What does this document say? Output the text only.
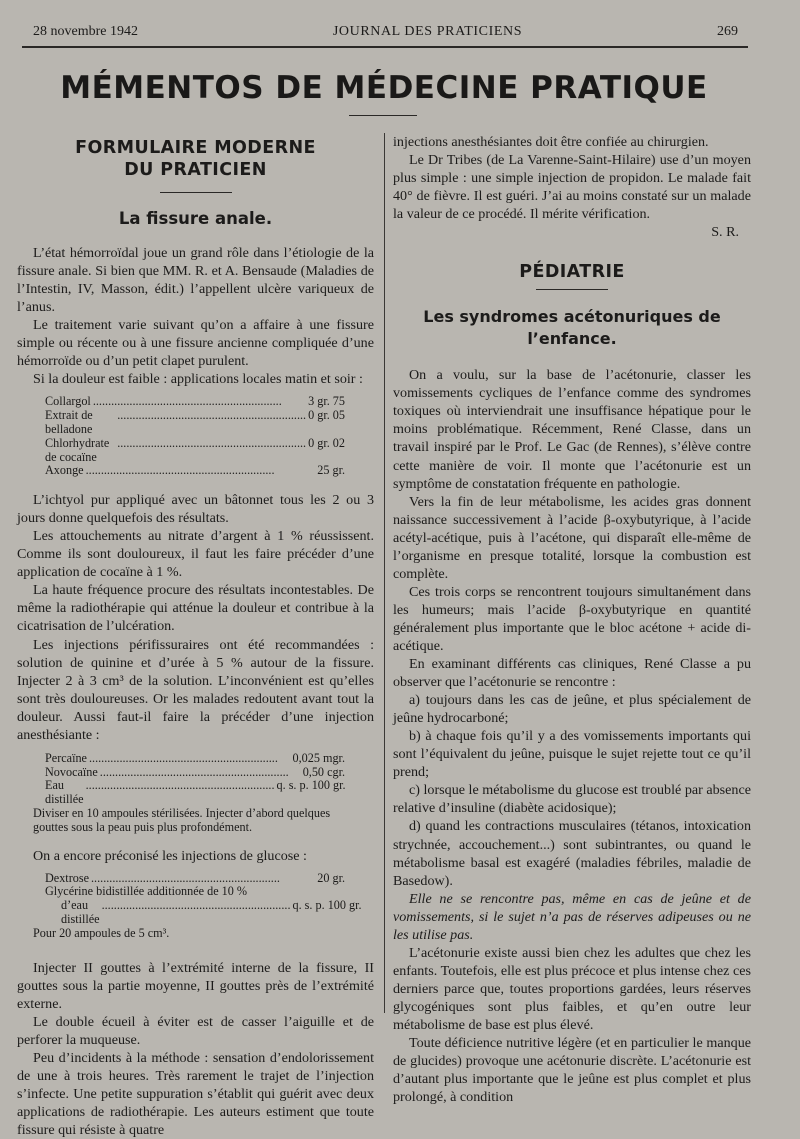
28 novembre 1942	JOURNAL DES PRATICIENS	269
MÉMENTOS DE MÉDECINE PRATIQUE
FORMULAIRE MODERNE
DU PRATICIEN
La fissure anale.

L’état hémorroïdal joue un grand rôle dans l’étiologie de la fissure anale. Si bien que MM. R. et A. Bensaude (Maladies de l’Intestin, IV, Masson, édit.) l’appellent ulcère variqueux de l’anus.

Le traitement varie suivant qu’on a affaire à une fissure simple ou récente ou à une fissure ancienne compliquée d’une hémorroïde ou d’un petit clapet purulent.

Si la douleur est faible : applications locales matin et soir :

Collargol ..............................................................	3 gr. 75
Extrait de belladone
.............................................................. 0 gr. 05
Chlorhydrate de cocaïne
.............................................................. 0 gr. 02
Axonge ..............................................................	25 gr.

L’ichtyol pur appliqué avec un bâtonnet tous les 2 ou 3 jours donne quelquefois des résultats.

Les attouchements au nitrate d’argent à 1 % réussissent. Comme ils sont douloureux, il faut les faire précéder d’une application de cocaïne à 1 %.

La haute fréquence procure des résultats incontestables. De même la radiothérapie qui atténue la douleur et contribue à la cicatrisation de l’ulcération.

Les injections périfissuraires ont été recommandées : solution de quinine et d’urée à 5 % autour de la fissure. Injecter 2 à 3 cm³ de la solution. L’inconvénient est qu’elles sont très douloureuses. Or les malades redoutent avant tout la douleur. Aussi faut-il faire la précéder d’une injection anesthésiante :

Percaïne ..............................................................	0,025 mgr.
Novocaïne ..............................................................	0,50 cgr.
Eau distillée
.............................................................. q. s. p. 100 gr.
Diviser en 10 ampoules stérilisées. Injecter d’abord quelques gouttes sous la peau puis plus profondément.

On a encore préconisé les injections de glucose :

Dextrose ..............................................................	20 gr.
Glycérine bidistillée additionnée de 10 %
d’eau distillée
.............................................................. q. s. p. 100 gr.
Pour 20 ampoules de 5 cm³.

Injecter II gouttes à l’extrémité interne de la fissure, II gouttes sous la partie moyenne, II gouttes près de l’extrémité externe.

Le double écueil à éviter est de casser l’aiguille et de perforer la muqueuse.

Peu d’incidents à la méthode : sensation d’endolorissement de une à trois heures. Très rarement le trajet de l’injection s’infecte. Une petite suppuration s’établit qui guérit avec deux applications de radiothérapie. Les auteurs estiment que toute fissure qui résiste à quatre

injections anesthésiantes doit être confiée au chirurgien.

Le Dr Tribes (de La Varenne-Saint-Hilaire) use d’un moyen plus simple : une simple injection de propidon. Le malade fait 40° de fièvre. Il est guéri. J’ai au moins constaté sur un malade la valeur de ce procédé. Il mérite vérification.

S. R.
PÉDIATRIE
Les syndromes acétonuriques de l’enfance.

On a voulu, sur la base de l’acétonurie, classer les vomissements cycliques de l’enfance comme des syndromes toxiques où interviendrait une insuffisance hépatique pour le moins problématique. Récemment, René Classe, dans un travail inspiré par le Prof. Le Gac (de Rennes), s’élève contre cette manière de voir. Il monte que l’acétonurie est un symptôme de constatation fréquente en pathologie.

Vers la fin de leur métabolisme, les acides gras donnent naissance successivement à l’acide β-oxybutyrique, à l’acide acétyl-acétique, puis à l’acétone, qui disparaît elle-même de l’organisme en presque totalité, lorsque la combustion est complète.

Ces trois corps se rencontrent toujours simultanément dans les humeurs; mais l’acide β-oxybutyrique en quantité généralement plus importante que le bloc acétone + acide di-acétique.

En examinant différents cas cliniques, René Classe a pu observer que l’acétonurie se rencontre :

a) toujours dans les cas de jeûne, et plus spécialement de jeûne hydrocarboné;

b) à chaque fois qu’il y a des vomissements importants qui sont l’équivalent du jeûne, puisque le sujet rejette tout ce qu’il prend;

c) lorsque le métabolisme du glucose est troublé par absence relative d’insuline (diabète acidosique);

d) quand les contractions musculaires (tétanos, intoxication strychnée, accouchement...) sont subintrantes, ou quand le métabolisme basal est exagéré (maladies fébriles, maladie de Basedow).

Elle ne se rencontre pas, même en cas de jeûne et de vomissements, si le sujet n’a pas de réserves adipeuses ou ne les utilise pas.

L’acétonurie existe aussi bien chez les adultes que chez les enfants. Toutefois, elle est plus précoce et plus intense chez ces derniers parce que, toutes proportions gardées, leurs réserves glycogéniques sont plus faibles, et qu’en outre leur métabolisme de base est plus élevé.

Toute déficience nutritive légère (et en particulier le manque de glucides) provoque une acétonurie discrète. L’acétonurie est d’autant plus importante que le jeûne est plus complet et plus prolongé, à condition
